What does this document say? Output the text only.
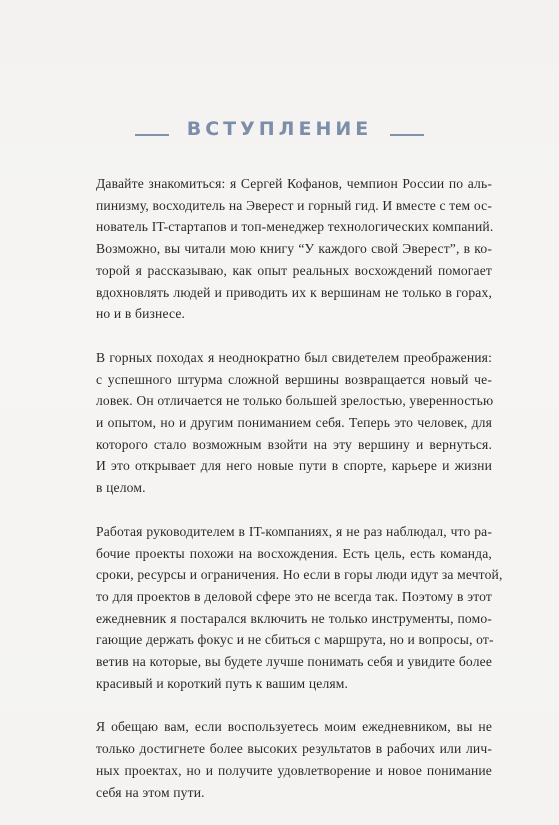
ВСТУПЛЕНИЕ

Давайте знакомиться: я Сергей Кофанов, чемпион России по аль-
пинизму, восходитель на Эверест и горный гид. И вместе с тем ос-
нователь IT-стартапов и топ-менеджер технологических компаний.
Возможно, вы читали мою книгу “У каждого свой Эверест”, в ко-
торой я рассказываю, как опыт реальных восхождений помогает
вдохновлять людей и приводить их к вершинам не только в горах,
но и в бизнесе.

В горных походах я неоднократно был свидетелем преображения:
с успешного штурма сложной вершины возвращается новый че-
ловек. Он отличается не только большей зрелостью, уверенностью
и опытом, но и другим пониманием себя. Теперь это человек, для
которого стало возможным взойти на эту вершину и вернуться.
И это открывает для него новые пути в спорте, карьере и жизни
в целом.

Работая руководителем в IT-компаниях, я не раз наблюдал, что ра-
бочие проекты похожи на восхождения. Есть цель, есть команда,
сроки, ресурсы и ограничения. Но если в горы люди идут за мечтой,
то для проектов в деловой сфере это не всегда так. Поэтому в этот
ежедневник я постарался включить не только инструменты, помо-
гающие держать фокус и не сбиться с маршрута, но и вопросы, от-
ветив на которые, вы будете лучше понимать себя и увидите более
красивый и короткий путь к вашим целям.

Я обещаю вам, если воспользуетесь моим ежедневником, вы не
только достигнете более высоких результатов в рабочих или лич-
ных проектах, но и получите удовлетворение и новое понимание
себя на этом пути.
